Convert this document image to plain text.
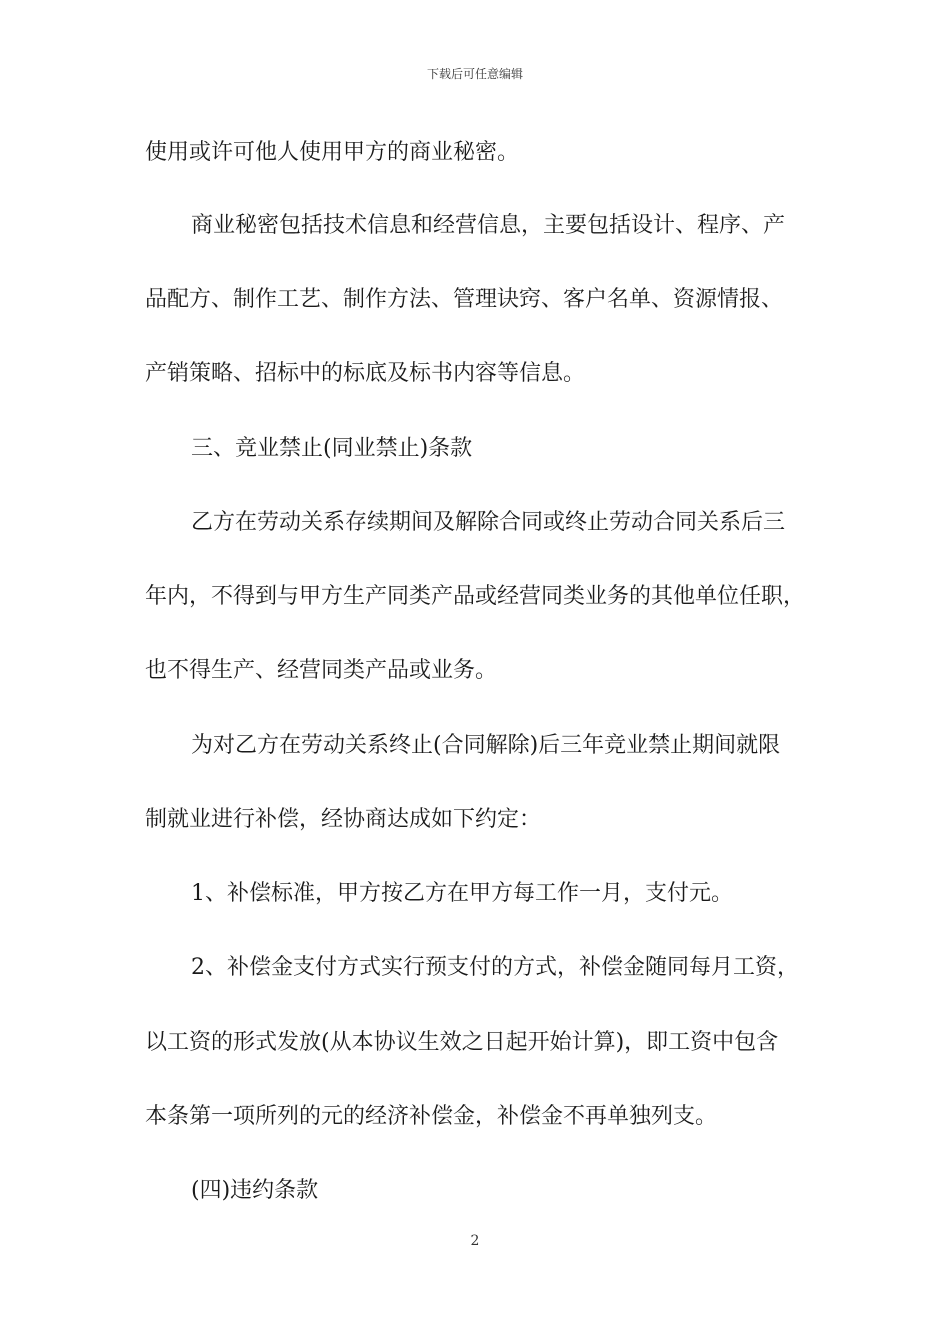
下载后可任意编辑
使用或许可他人使用甲方的商业秘密。
商业秘密包括技术信息和经营信息，主要包括设计、程序、产
品配方、制作工艺、制作方法、管理诀窍、客户名单、资源情报、
产销策略、招标中的标底及标书内容等信息。
三、竞业禁止(同业禁止)条款
乙方在劳动关系存续期间及解除合同或终止劳动合同关系后三
年内，不得到与甲方生产同类产品或经营同类业务的其他单位任职，
也不得生产、经营同类产品或业务。
为对乙方在劳动关系终止(合同解除)后三年竞业禁止期间就限
制就业进行补偿，经协商达成如下约定：
1、补偿标准，甲方按乙方在甲方每工作一月，支付元。
2、补偿金支付方式实行预支付的方式，补偿金随同每月工资，
以工资的形式发放(从本协议生效之日起开始计算)，即工资中包含
本条第一项所列的元的经济补偿金，补偿金不再单独列支。
(四)违约条款
2
